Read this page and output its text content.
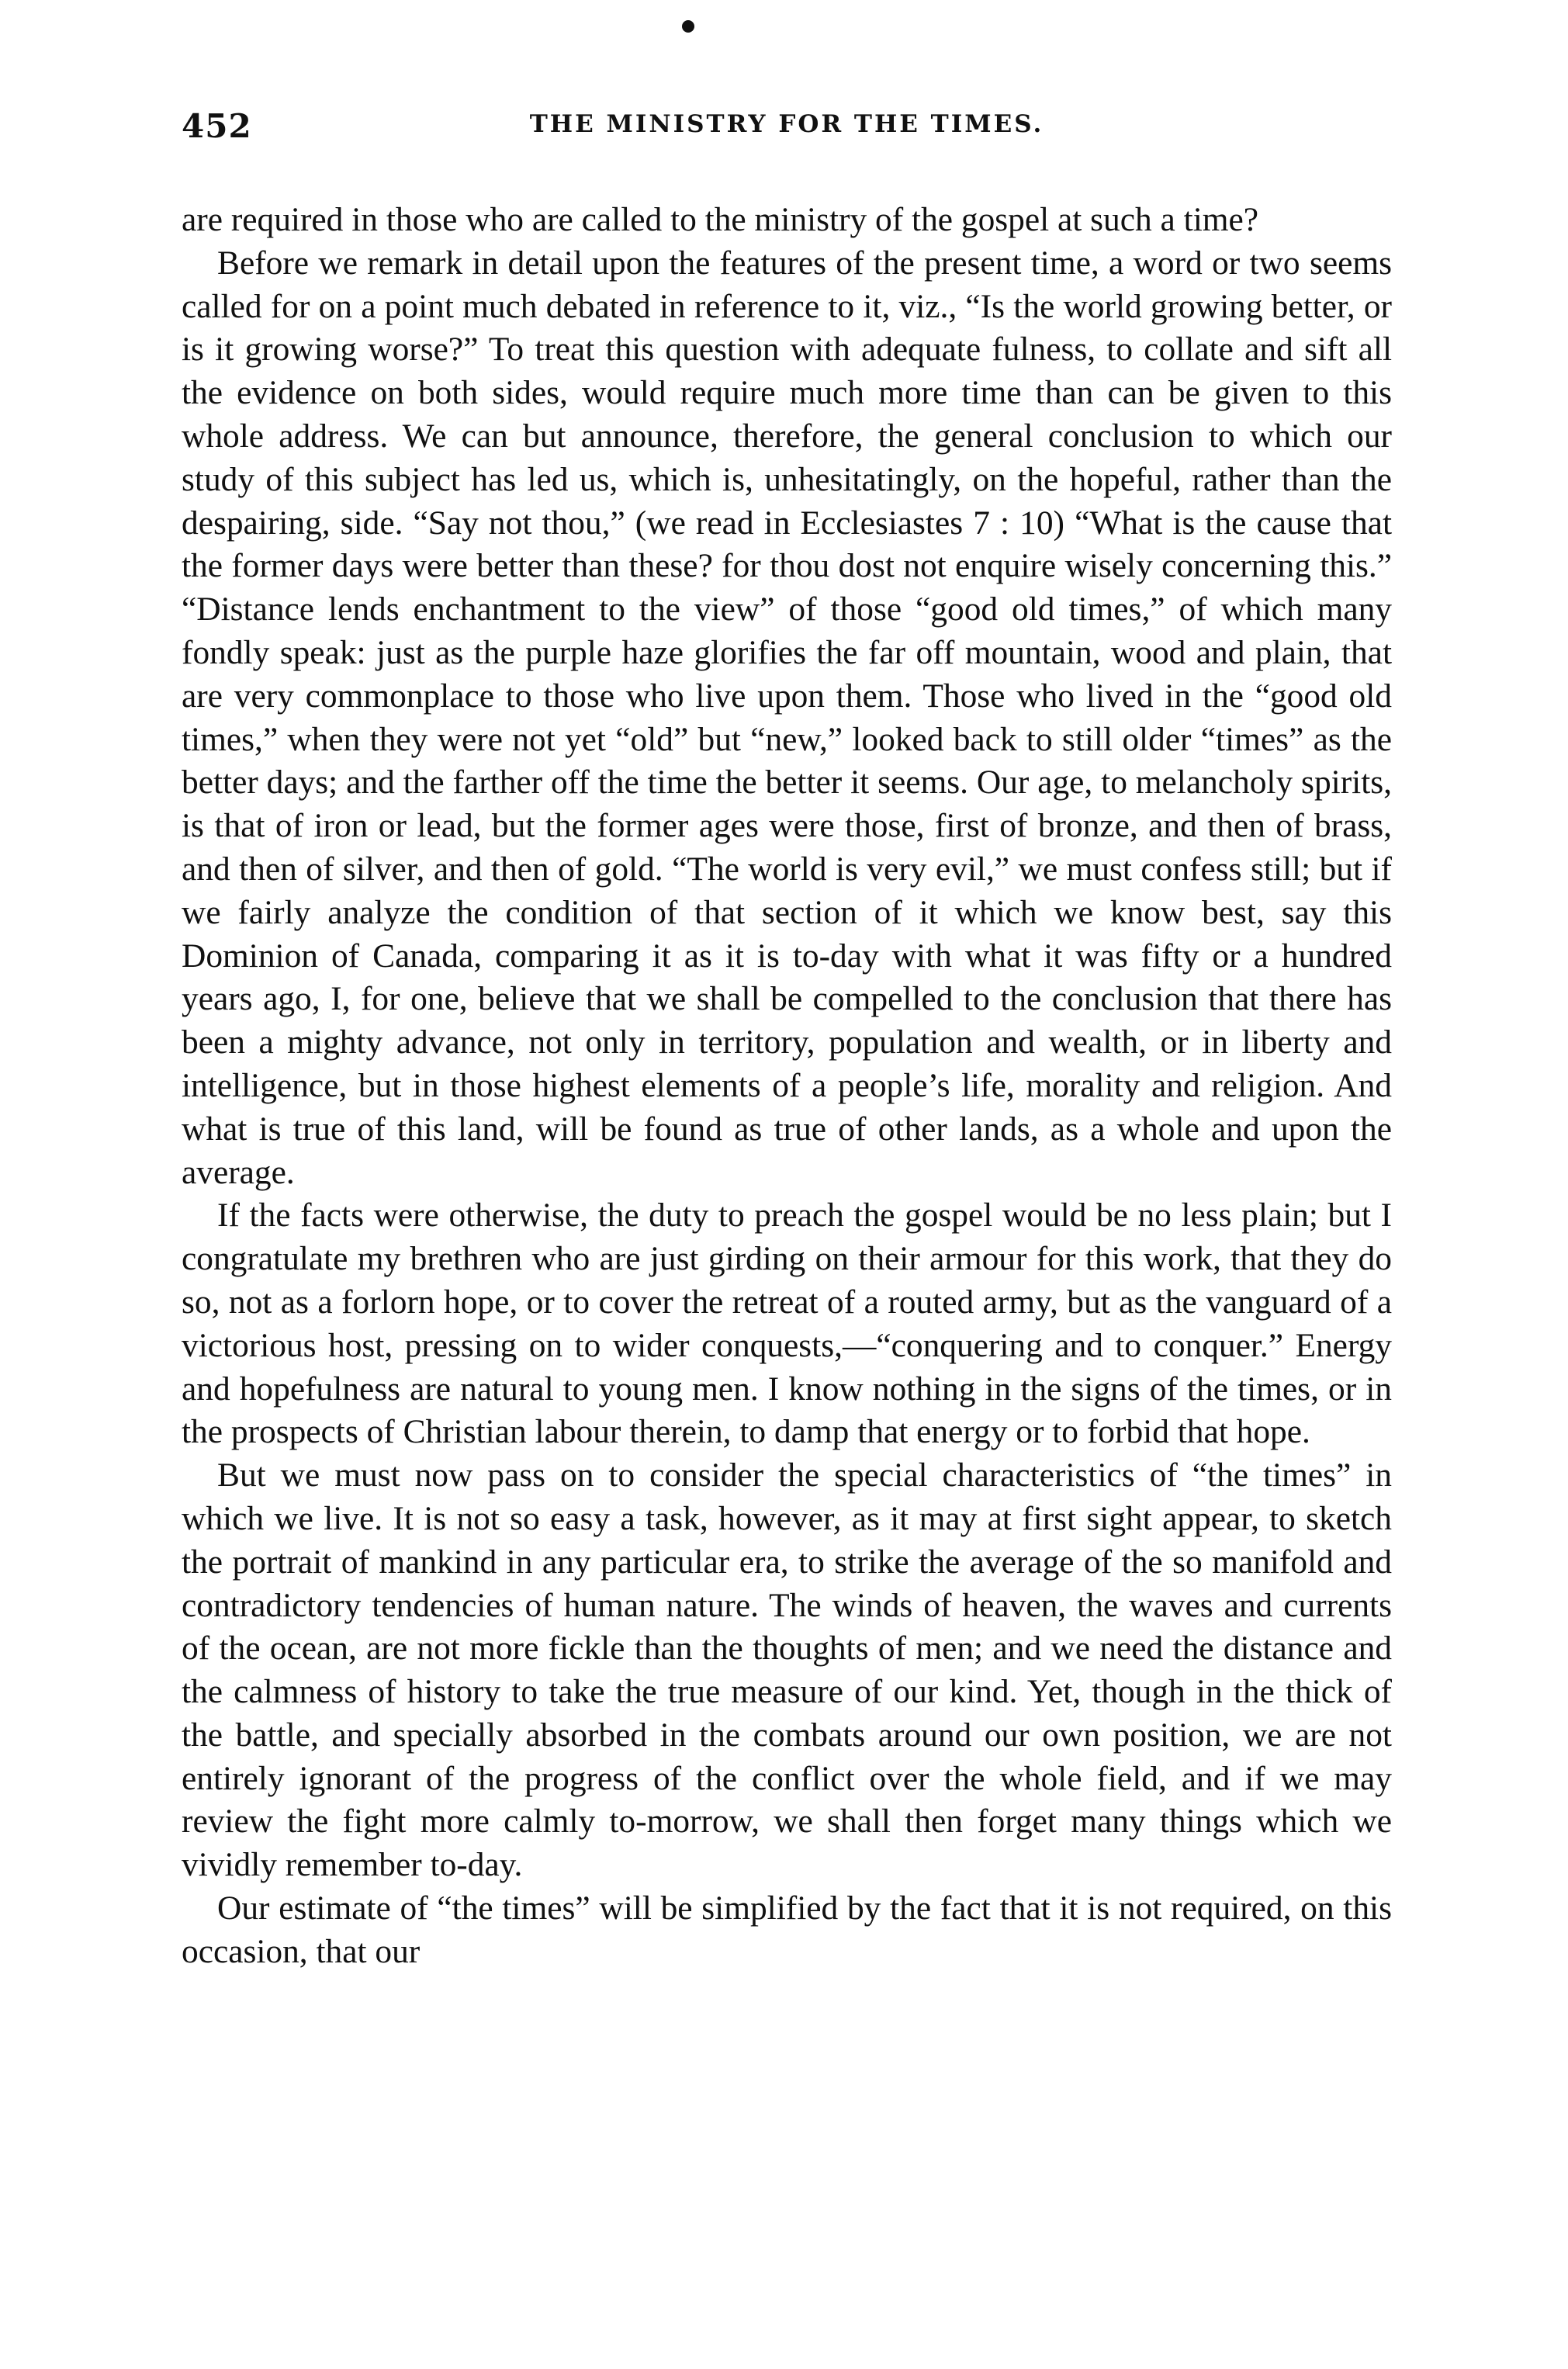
452	THE MINISTRY FOR THE TIMES.

are required in those who are called to the ministry of the gospel at such a time?

Before we remark in detail upon the features of the present time, a word or two seems called for on a point much debated in reference to it, viz., “Is the world growing better, or is it growing worse?” To treat this question with adequate fulness, to collate and sift all the evidence on both sides, would require much more time than can be given to this whole address. We can but announce, therefore, the general conclusion to which our study of this subject has led us, which is, unhesitatingly, on the hopeful, rather than the despairing, side. “Say not thou,” (we read in Ecclesiastes 7 : 10) “What is the cause that the former days were better than these? for thou dost not enquire wisely concerning this.” “Distance lends enchantment to the view” of those “good old times,” of which many fondly speak: just as the purple haze glorifies the far off mountain, wood and plain, that are very commonplace to those who live upon them. Those who lived in the “good old times,” when they were not yet “old” but “new,” looked back to still older “times” as the better days; and the farther off the time the better it seems. Our age, to melancholy spirits, is that of iron or lead, but the former ages were those, first of bronze, and then of brass, and then of silver, and then of gold. “The world is very evil,” we must confess still; but if we fairly analyze the condition of that section of it which we know best, say this Dominion of Canada, comparing it as it is to-day with what it was fifty or a hundred years ago, I, for one, believe that we shall be compelled to the conclusion that there has been a mighty advance, not only in territory, population and wealth, or in liberty and intelligence, but in those highest elements of a people’s life, morality and religion. And what is true of this land, will be found as true of other lands, as a whole and upon the average.

If the facts were otherwise, the duty to preach the gospel would be no less plain; but I congratulate my brethren who are just girding on their armour for this work, that they do so, not as a forlorn hope, or to cover the retreat of a routed army, but as the vanguard of a victorious host, pressing on to wider conquests,—“conquering and to conquer.” Energy and hopefulness are natural to young men. I know nothing in the signs of the times, or in the prospects of Christian labour therein, to damp that energy or to forbid that hope.

But we must now pass on to consider the special characteristics of “the times” in which we live. It is not so easy a task, however, as it may at first sight appear, to sketch the portrait of mankind in any particular era, to strike the average of the so manifold and contradictory tendencies of human nature. The winds of heaven, the waves and currents of the ocean, are not more fickle than the thoughts of men; and we need the distance and the calmness of history to take the true measure of our kind. Yet, though in the thick of the battle, and specially absorbed in the combats around our own position, we are not entirely ignorant of the progress of the conflict over the whole field, and if we may review the fight more calmly to-morrow, we shall then forget many things which we vividly remember to-day.

Our estimate of “the times” will be simplified by the fact that it is not required, on this occasion, that our
